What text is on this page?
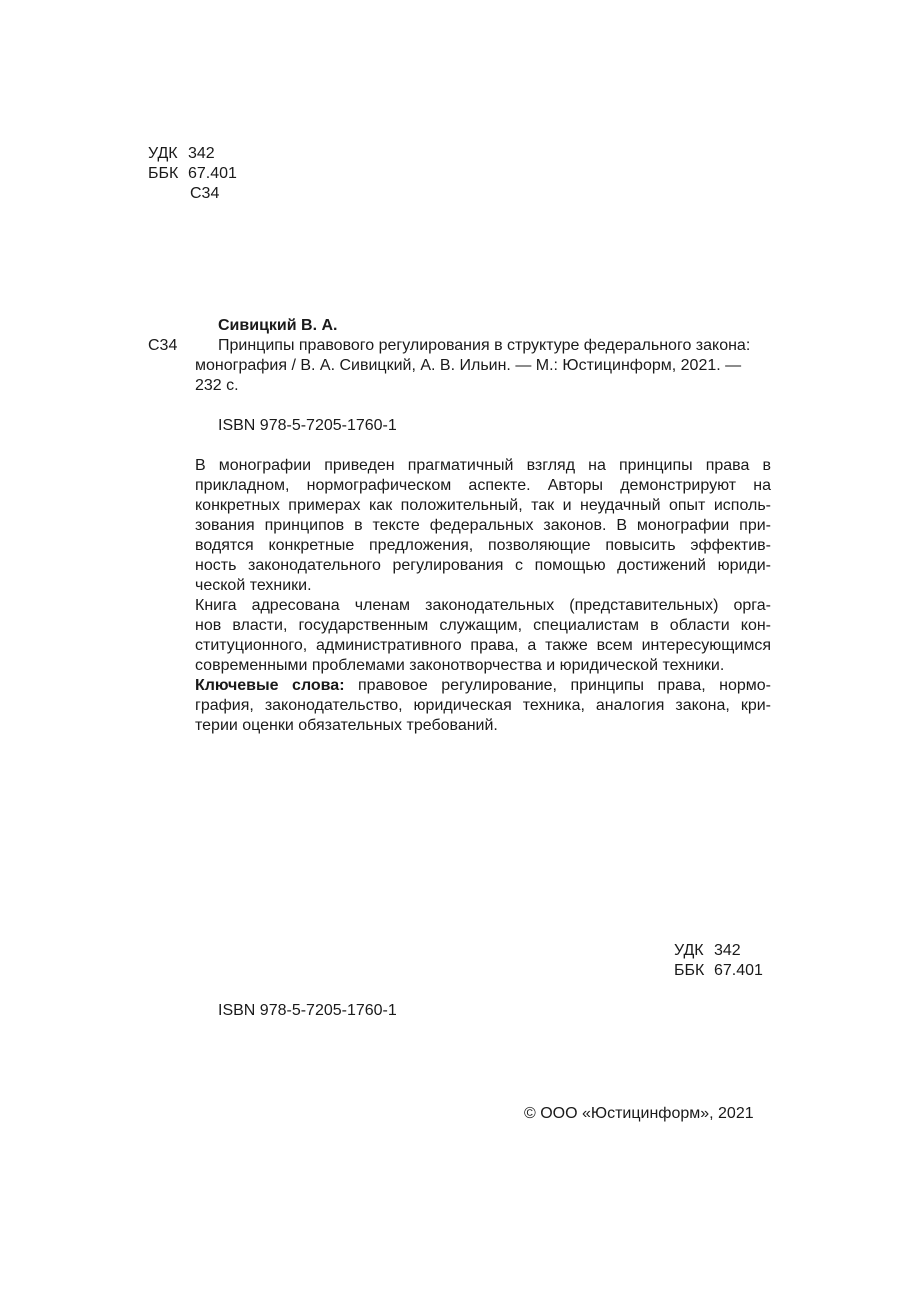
УДК 342
ББК 67.401
С34
Сивицкий В. А.
С34	Принципы правового регулирования в структуре федерального закона:
монография / В. А. Сивицкий, А. В. Ильин. — М.: Юстицинформ, 2021. —
232 с.
ISBN 978-5-7205-1760-1
В монографии приведен прагматичный взгляд на принципы права в
прикладном, нормографическом аспекте. Авторы демонстрируют на
конкретных примерах как положительный, так и неудачный опыт исполь-
зования принципов в тексте федеральных законов. В монографии при-
водятся конкретные предложения, позволяющие повысить эффектив-
ность законодательного регулирования с помощью достижений юриди-
ческой техники.
Книга адресована членам законодательных (представительных) орга-
нов власти, государственным служащим, специалистам в области кон-
ституционного, административного права, а также всем интересующимся
современными проблемами законотворчества и юридической техники.
Ключевые слова: правовое регулирование, принципы права, нормо-
графия, законодательство, юридическая техника, аналогия закона, кри-
терии оценки обязательных требований.
УДК 342
ББК 67.401
ISBN 978-5-7205-1760-1
© ООО «Юстицинформ», 2021
